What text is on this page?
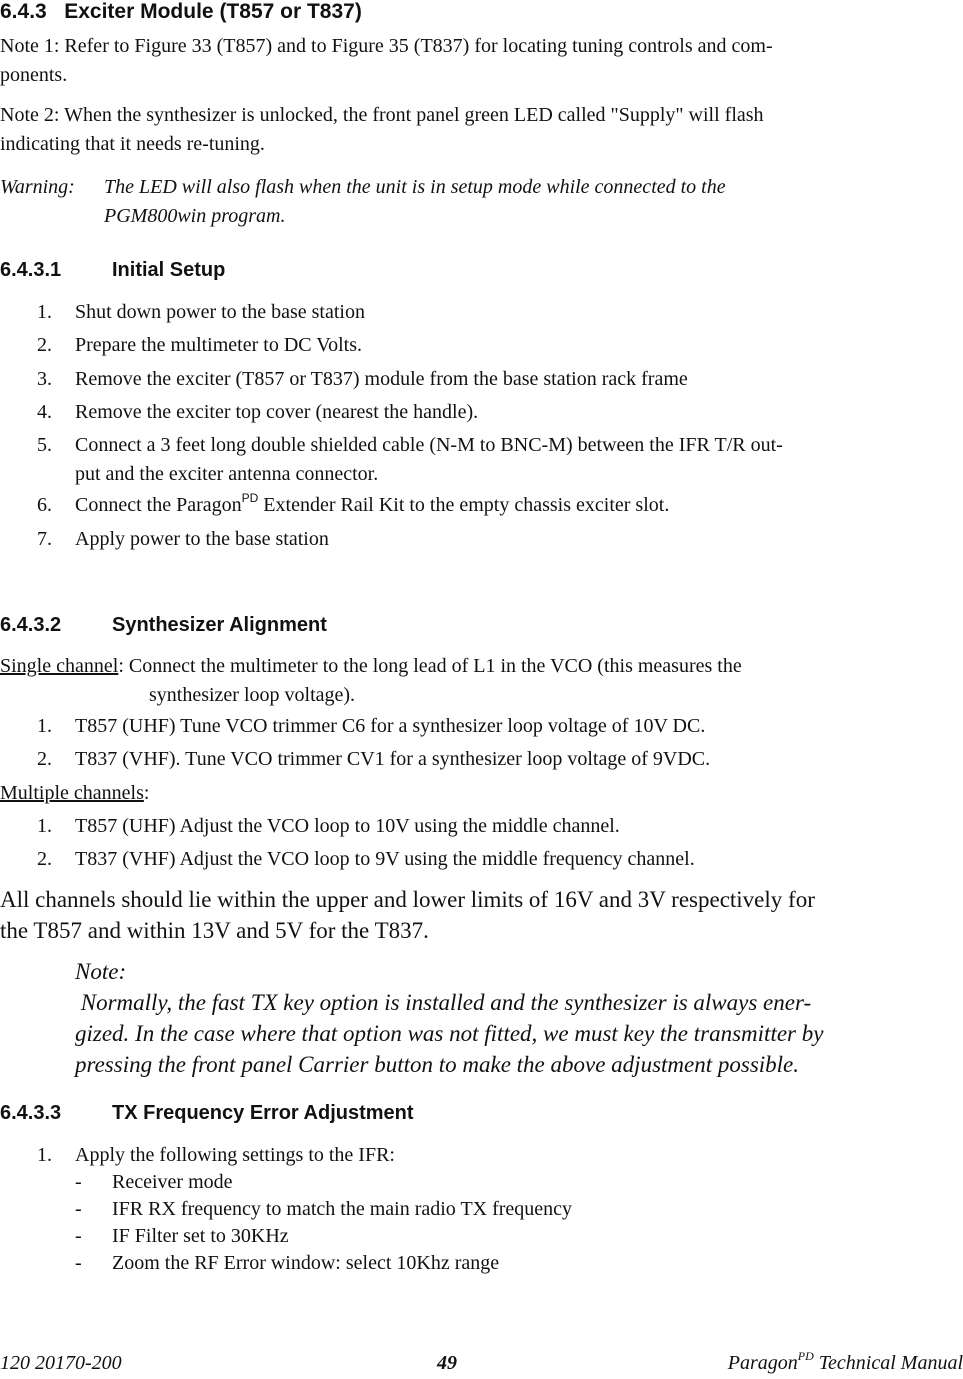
6.4.3 Exciter Module (T857 or T837)
Note 1: Refer to Figure 33 (T857) and to Figure 35 (T837) for locating tuning controls and com-
ponents.
Note 2: When the synthesizer is unlocked, the front panel green LED called "Supply" will flash
indicating that it needs re-tuning.
Warning: The LED will also flash when the unit is in setup mode while connected to the
PGM800win program.
6.4.3.1	Initial Setup
1. Shut down power to the base station
2. Prepare the multimeter to DC Volts.
3. Remove the exciter (T857 or T837) module from the base station rack frame
4. Remove the exciter top cover (nearest the handle).
5. Connect a 3 feet long double shielded cable (N-M to BNC-M) between the IFR T/R out-
put and the exciter antenna connector.
6. Connect the Paragon$^{PD}$ Extender Rail Kit to the empty chassis exciter slot.
7. Apply power to the base station
6.4.3.2	Synthesizer Alignment
Single channel: Connect the multimeter to the long lead of L1 in the VCO (this measures the
synthesizer loop voltage).
1. T857 (UHF) Tune VCO trimmer C6 for a synthesizer loop voltage of 10V DC.
2. T837 (VHF). Tune VCO trimmer CV1 for a synthesizer loop voltage of 9VDC.
Multiple channels:
1. T857 (UHF) Adjust the VCO loop to 10V using the middle channel.
2. T837 (VHF) Adjust the VCO loop to 9V using the middle frequency channel.
All channels should lie within the upper and lower limits of 16V and 3V respectively for
the T857 and within 13V and 5V for the T837.
Note:
Normally, the fast TX key option is installed and the synthesizer is always ener-
gized. In the case where that option was not fitted, we must key the transmitter by
pressing the front panel Carrier button to make the above adjustment possible.
6.4.3.3	TX Frequency Error Adjustment
1. Apply the following settings to the IFR:
- Receiver mode
- IFR RX frequency to match the main radio TX frequency
- IF Filter set to 30KHz
- Zoom the RF Error window: select 10Khz range
120 20170-200	49	Paragon$^{PD}$ Technical Manual
